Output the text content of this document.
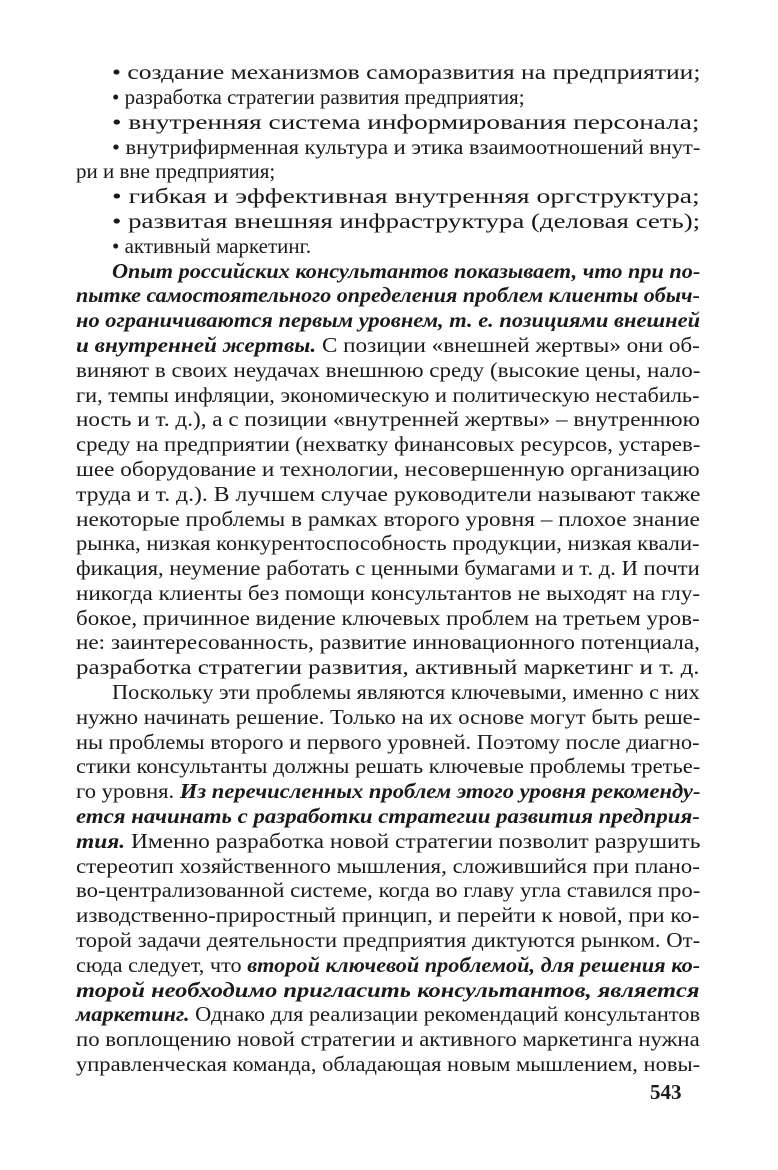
• создание механизмов саморазвития на предприятии;
• разработка стратегии развития предприятия;
• внутренняя система информирования персонала;
• внутрифирменная культура и этика взаимоотношений внут-
ри и вне предприятия;
• гибкая и эффективная внутренняя оргструктура;
• развитая внешняя инфраструктура (деловая сеть);
• активный маркетинг.
Опыт российских консультантов показывает, что при по-
пытке самостоятельного определения проблем клиенты обыч-
но ограничиваются первым уровнем, т. е. позициями внешней
и внутренней жертвы. С позиции «внешней жертвы» они об-
виняют в своих неудачах внешнюю среду (высокие цены, нало-
ги, темпы инфляции, экономическую и политическую нестабиль-
ность и т. д.), а с позиции «внутренней жертвы» – внутреннюю
среду на предприятии (нехватку финансовых ресурсов, устарев-
шее оборудование и технологии, несовершенную организацию
труда и т. д.). В лучшем случае руководители называют также
некоторые проблемы в рамках второго уровня – плохое знание
рынка, низкая конкурентоспособность продукции, низкая квали-
фикация, неумение работать с ценными бумагами и т. д. И почти
никогда клиенты без помощи консультантов не выходят на глу-
бокое, причинное видение ключевых проблем на третьем уров-
не: заинтересованность, развитие инновационного потенциала,
разработка стратегии развития, активный маркетинг и т. д.
Поскольку эти проблемы являются ключевыми, именно с них
нужно начинать решение. Только на их основе могут быть реше-
ны проблемы второго и первого уровней. Поэтому после диагно-
стики консультанты должны решать ключевые проблемы третье-
го уровня. Из перечисленных проблем этого уровня рекоменду-
ется начинать с разработки стратегии развития предприя-
тия. Именно разработка новой стратегии позволит разрушить
стереотип хозяйственного мышления, сложившийся при плано-
во-централизованной системе, когда во главу угла ставился про-
изводственно-приростный принцип, и перейти к новой, при ко-
торой задачи деятельности предприятия диктуются рынком. От-
сюда следует, что второй ключевой проблемой, для решения ко-
торой необходимо пригласить консультантов, является
маркетинг. Однако для реализации рекомендаций консультантов
по воплощению новой стратегии и активного маркетинга нужна
управленческая команда, обладающая новым мышлением, новы-
543
